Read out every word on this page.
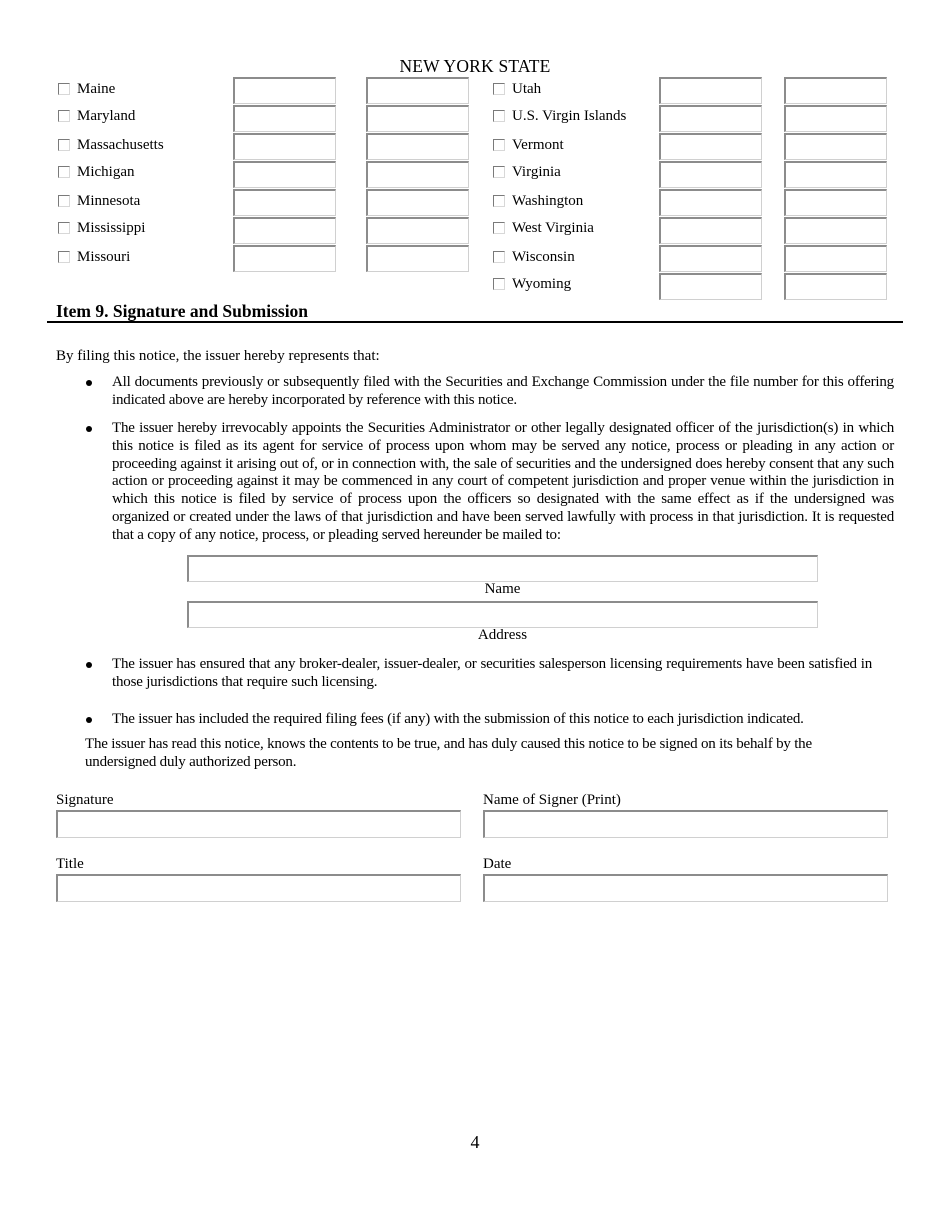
NEW YORK STATE
Maine
Maryland
Massachusetts
Michigan
Minnesota
Mississippi
Missouri
Utah
U.S. Virgin Islands
Vermont
Virginia
Washington
West Virginia
Wisconsin
Wyoming
Item 9. Signature and Submission
By filing this notice, the issuer hereby represents that:
All documents previously or subsequently filed with the Securities and Exchange Commission under the file number for this offering indicated above are hereby incorporated by reference with this notice.
The issuer hereby irrevocably appoints the Securities Administrator or other legally designated officer of the jurisdiction(s) in which this notice is filed as its agent for service of process upon whom may be served any notice, process or pleading in any action or proceeding against it arising out of, or in connection with, the sale of securities and the undersigned does hereby consent that any such action or proceeding against it may be commenced in any court of competent jurisdiction and proper venue within the jurisdiction in which this notice is filed by service of process upon the officers so designated with the same effect as if the undersigned was organized or created under the laws of that jurisdiction and have been served lawfully with process in that jurisdiction. It is requested that a copy of any notice, process, or pleading served hereunder be mailed to:
Name
Address
The issuer has ensured that any broker-dealer, issuer-dealer, or securities salesperson licensing requirements have been satisfied in those jurisdictions that require such licensing.
The issuer has included the required filing fees (if any) with the submission of this notice to each jurisdiction indicated.
The issuer has read this notice, knows the contents to be true, and has duly caused this notice to be signed on its behalf by the undersigned duly authorized person.
Signature	Name of Signer (Print)
Title	Date
4
